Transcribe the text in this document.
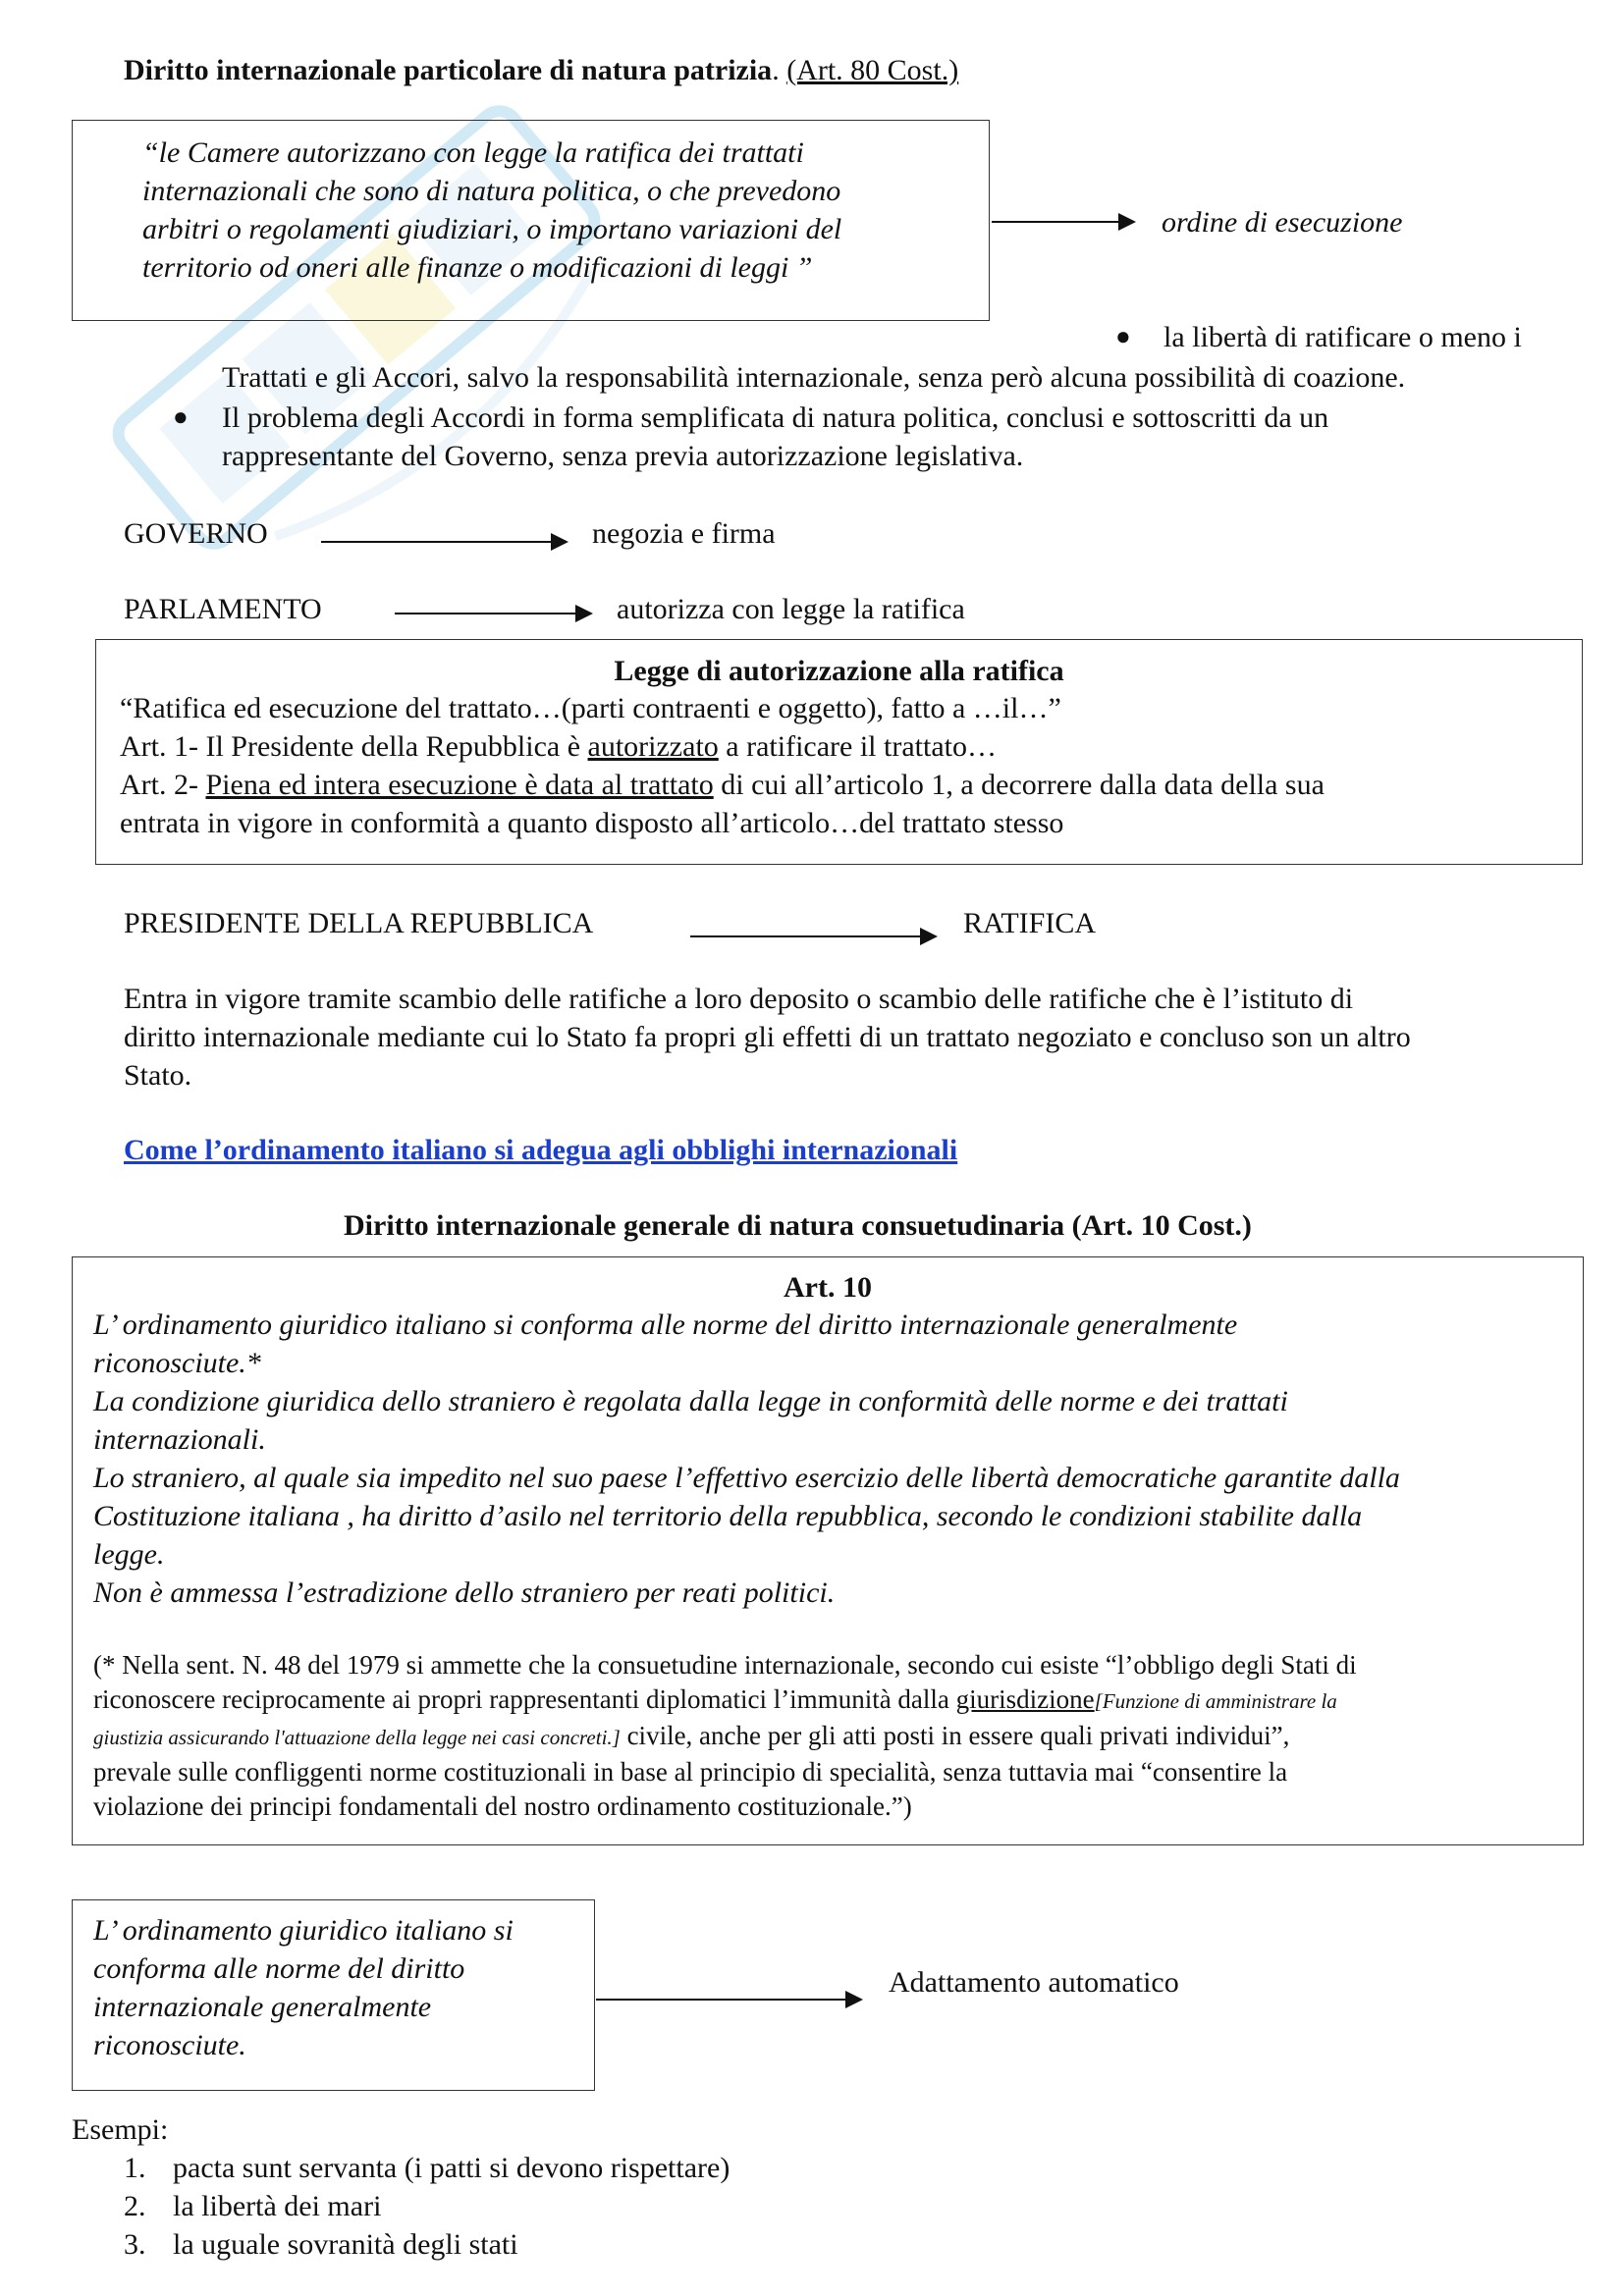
Diritto internazionale particolare di natura patrizia. (Art. 80 Cost.)
“le Camere autorizzano con legge la ratifica dei trattati
internazionali che sono di natura politica, o che prevedono
arbitri o regolamenti giudiziari, o importano variazioni del
territorio od oneri alle finanze o modificazioni di leggi ”
ordine di esecuzione
● la libertà di ratificare o meno i
Trattati e gli Accori, salvo la responsabilità internazionale, senza però alcuna possibilità di coazione.
● Il problema degli Accordi in forma semplificata di natura politica, conclusi e sottoscritti da un
rappresentante del Governo, senza previa autorizzazione legislativa.
GOVERNO	negozia e firma
PARLAMENTO	autorizza con legge la ratifica
Legge di autorizzazione alla ratifica
“Ratifica ed esecuzione del trattato…(parti contraenti e oggetto), fatto a …il…”
Art. 1- Il Presidente della Repubblica è autorizzato a ratificare il trattato…
Art. 2- Piena ed intera esecuzione è data al trattato di cui all’articolo 1, a decorrere dalla data della sua
entrata in vigore in conformità a quanto disposto all’articolo…del trattato stesso
PRESIDENTE DELLA REPUBBLICA	RATIFICA
Entra in vigore tramite scambio delle ratifiche a loro deposito o scambio delle ratifiche che è l’istituto di
diritto internazionale mediante cui lo Stato fa propri gli effetti di un trattato negoziato e concluso son un altro
Stato.
Come l’ordinamento italiano si adegua agli obblighi internazionali
Diritto internazionale generale di natura consuetudinaria (Art. 10 Cost.)
Art. 10
L’ ordinamento giuridico italiano si conforma alle norme del diritto internazionale generalmente
riconosciute.*
La condizione giuridica dello straniero è regolata dalla legge in conformità delle norme e dei trattati
internazionali.
Lo straniero, al quale sia impedito nel suo paese l’effettivo esercizio delle libertà democratiche garantite dalla
Costituzione italiana , ha diritto d’asilo nel territorio della repubblica, secondo le condizioni stabilite dalla
legge.
Non è ammessa l’estradizione dello straniero per reati politici.
(* Nella sent. N. 48 del 1979 si ammette che la consuetudine internazionale, secondo cui esiste “l’obbligo degli Stati di
riconoscere reciprocamente ai propri rappresentanti diplomatici l’immunità dalla giurisdizione[Funzione di amministrare la
giustizia assicurando l'attuazione della legge nei casi concreti.] civile, anche per gli atti posti in essere quali privati individui”,
prevale sulle confliggenti norme costituzionali in base al principio di specialità, senza tuttavia mai “consentire la
violazione dei principi fondamentali del nostro ordinamento costituzionale.”)
L’ ordinamento giuridico italiano si
conforma alle norme del diritto
internazionale generalmente
riconosciute.
Adattamento automatico
Esempi:
1. pacta sunt servanta (i patti si devono rispettare)
2. la libertà dei mari
3. la uguale sovranità degli stati
